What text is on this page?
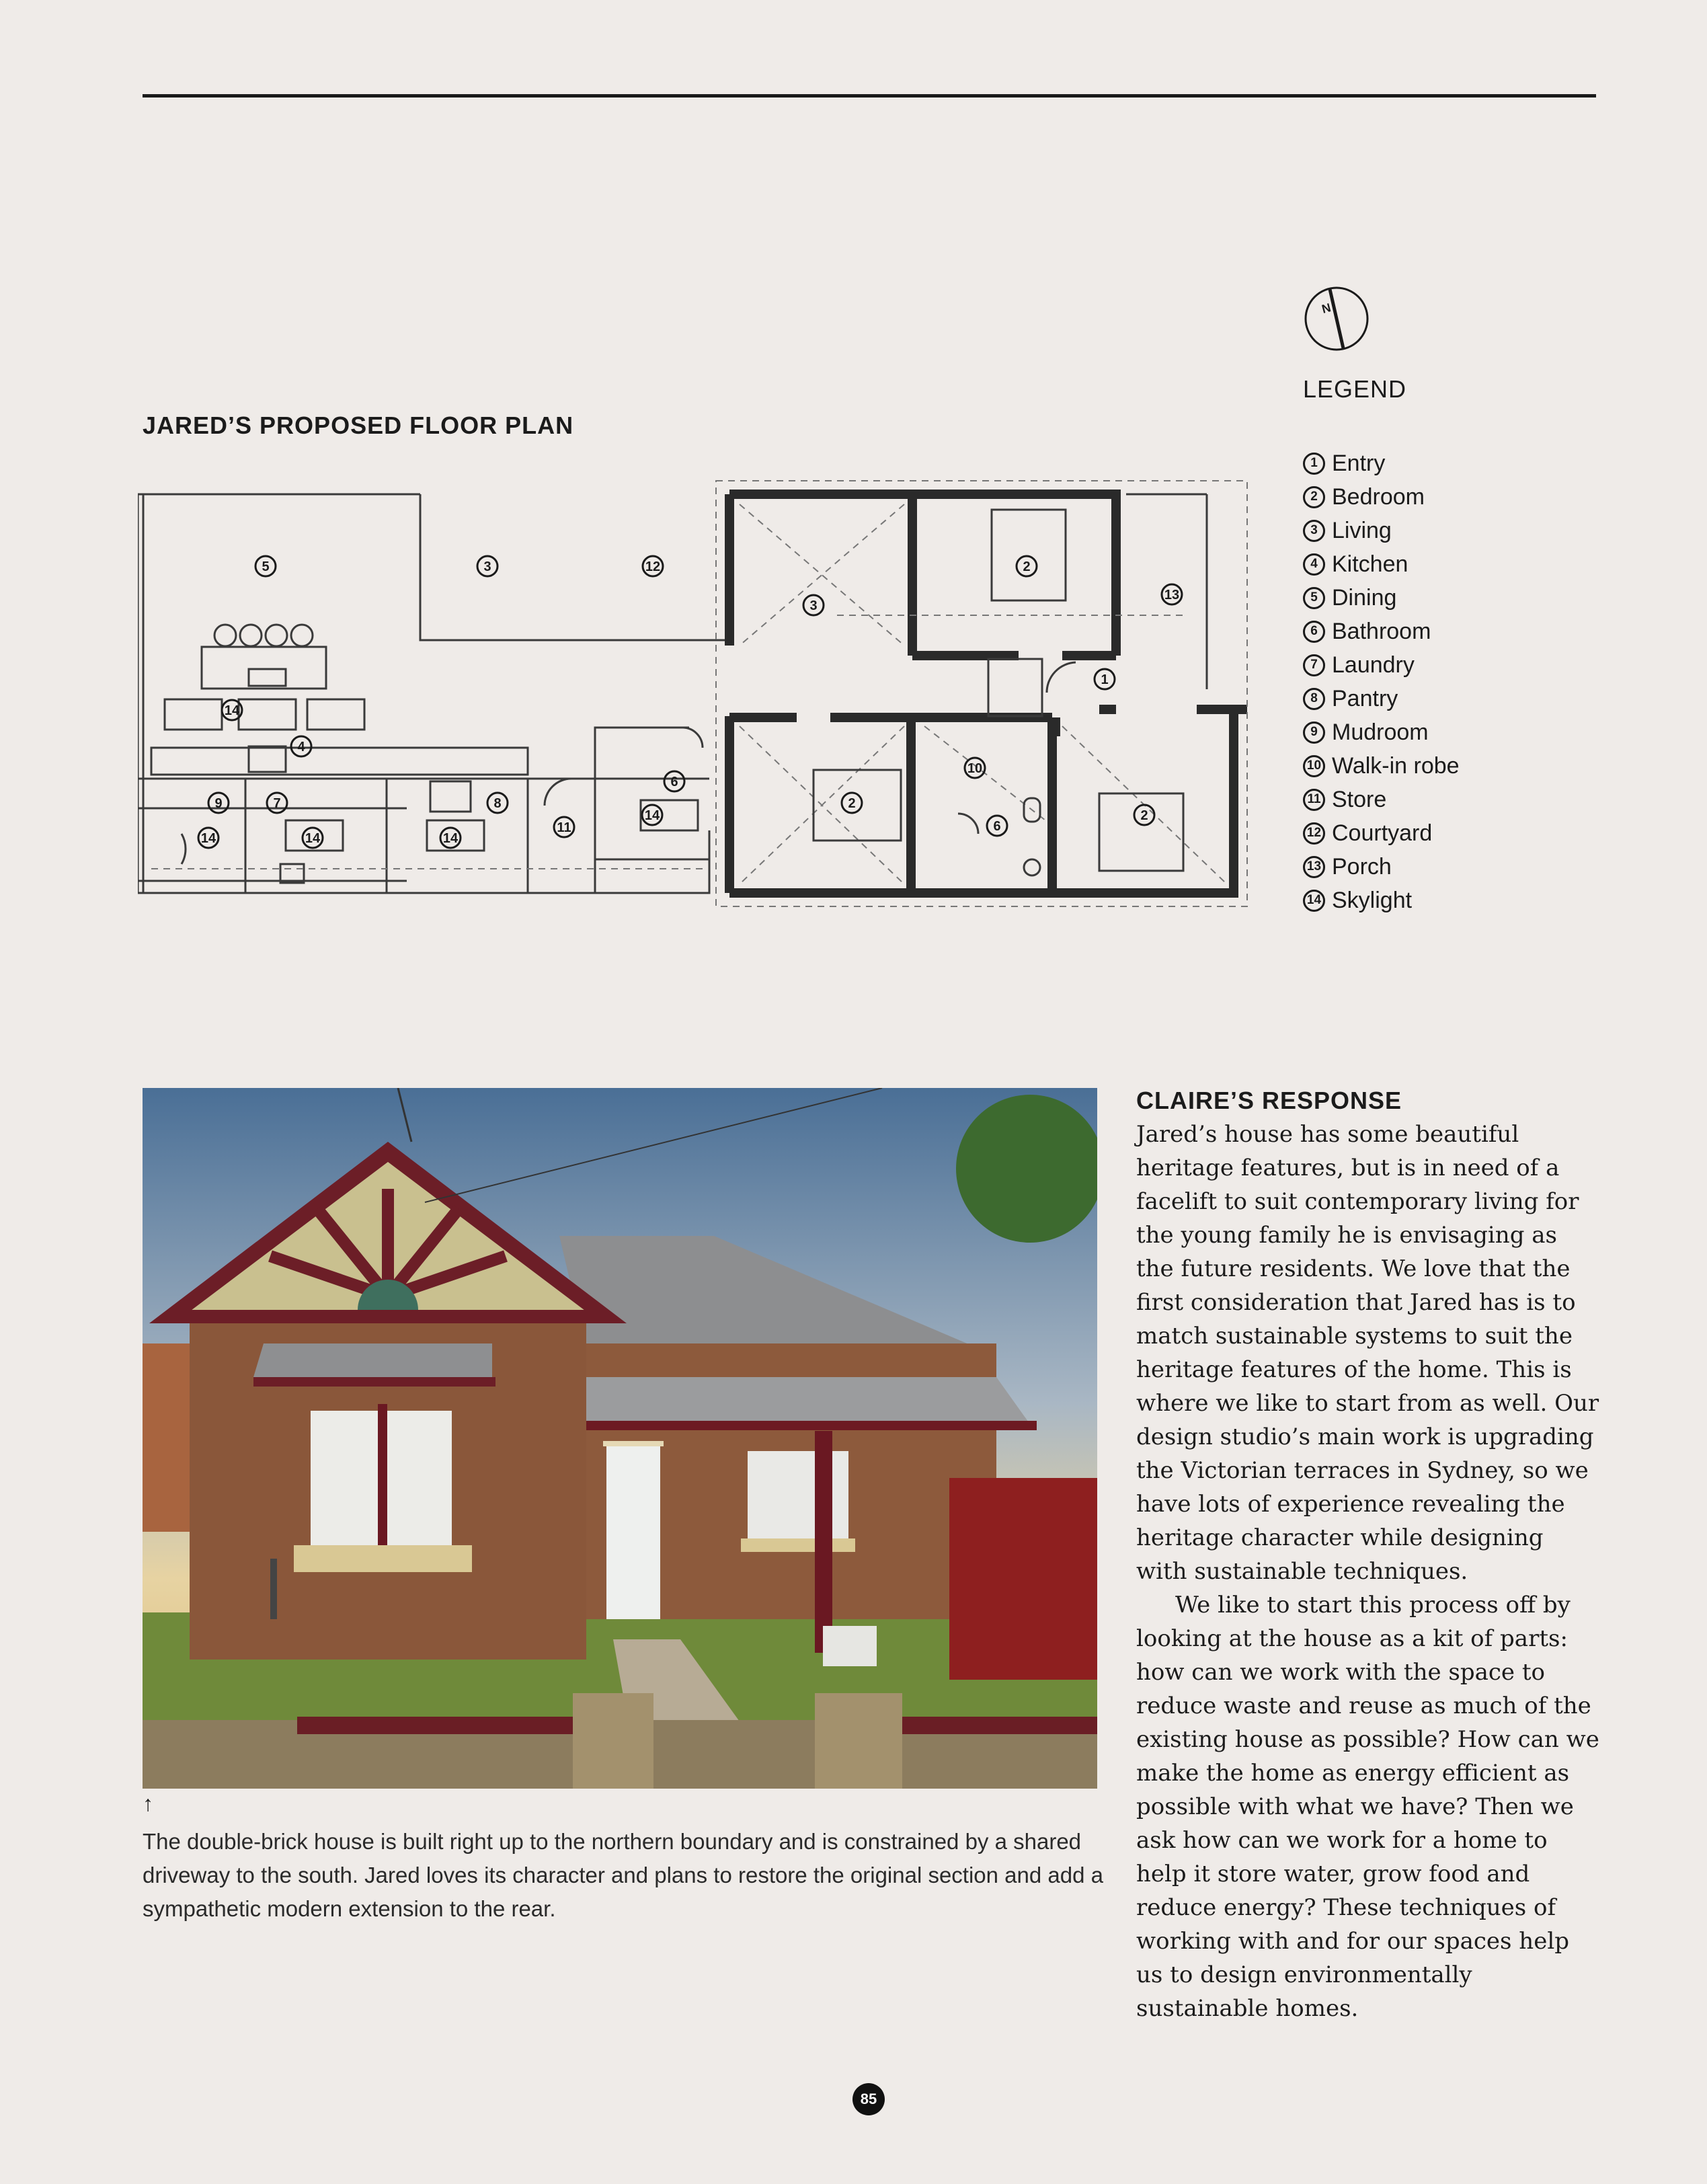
JARED’S PROPOSED FLOOR PLAN
5	3	12
3
2
13
1
14
4
6
10
2
2
9	7	8
14	14	14
11
14
6
N
LEGEND
1 Entry
2 Bedroom
3 Living
4 Kitchen
5 Dining
6 Bathroom
7 Laundry
8 Pantry
9 Mudroom
10 Walk-in robe
11 Store
12 Courtyard
13 Porch
14 Skylight
↑

The double-brick house is built right up to the northern boundary and is constrained by a shared driveway to the south. Jared loves its character and plans to restore the original section and add a sympathetic modern extension to the rear.

CLAIRE’S RESPONSE

Jared’s house has some beautiful heritage features, but is in need of a facelift to suit contemporary living for the young family he is envisaging as the future residents. We love that the first consideration that Jared has is to match sustainable systems to suit the heritage features of the home. This is where we like to start from as well. Our design studio’s main work is upgrading the Victorian terraces in Sydney, so we have lots of experience revealing the heritage character while designing with sustainable techniques.

We like to start this process off by looking at the house as a kit of parts: how can we work with the space to reduce waste and reuse as much of the existing house as possible? How can we make the home as energy efficient as possible with what we have? Then we ask how can we work for a home to help it store water, grow food and reduce energy? These techniques of working with and for our spaces help us to design environmentally sustainable homes.

85
